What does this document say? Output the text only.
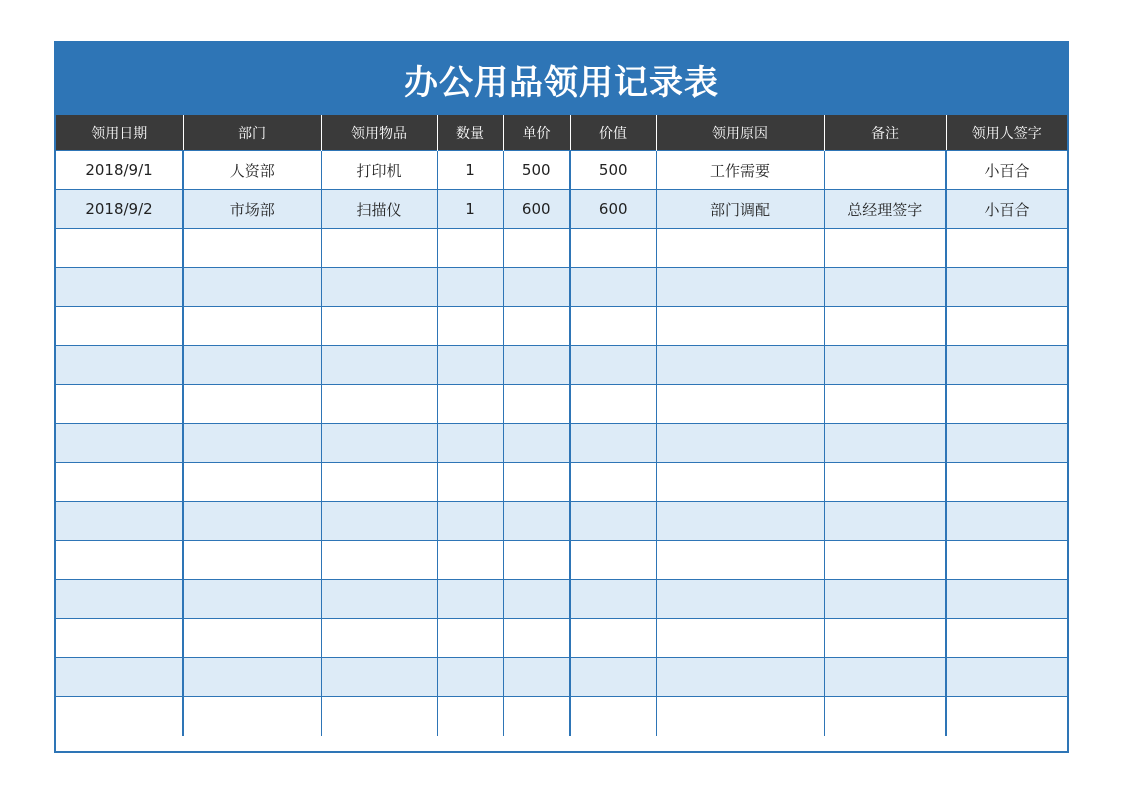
办公用品领用记录表
领用日期	部门	领用物品	数量	单价	价值	领用原因	备注	领用人签字
2018/9/1	人资部	打印机	1	500	500	工作需要		小百合
2018/9/2	市场部	扫描仪	1	600	600	部门调配	总经理签字	小百合
